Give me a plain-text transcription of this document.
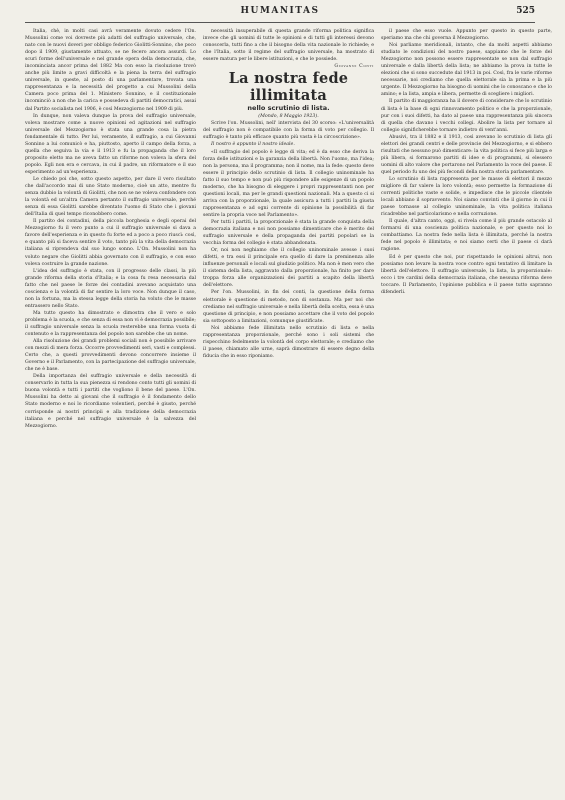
HUMANITAS	525

Italia, chè, in molti casi avrà veramente dovuto cedere l'On. Mussolini come voi dovreste più adatti del suffragio universale, che, nato con le nuovi doveri per obbligo federico Giolitti-Sonnino, che poco dopo il 1909, giustamente attuato, se ne fecero ancora assurdi. Lo scuri forme dell'universale e nel grande opera della democrazia, che, incominciata ancor prima del 1882 Ma con esso la risoluzione trovò anche più limite a gravi difficoltà e la piena la terra del suffragio universale, in queste, al posto di una parlamentare, trovata una rappresentanza e la necessità del progetto a cui Mussolini della Camera poco prima del 1. Ministero Sonnino, e il costituzionale incominciò a non che la carica e possedeva di partiti democratici, assai dal Partito socialista nel 1906, è così Mezzogiorno nel 1909 di più.

In dunque, non valeva dunque la prova del suffragio universale, voleva mostrare come a nuove opinioni ed agitazioni nel suffragio universale del Mezzogiorno è stata una grande cosa la pietra fondamentale di tutto. Per lui, veramente, il suffragio, a cui Giovanni Sonnino a lui comunicò e ha, piuttosto, aperto il campo della forza, a quella che seguiva la via e il 1913 e fu la propaganda che il loro proposito eletto ma ne aveva fatto un riforme non voleva la sfera del popolo. Egli non era e cercava, in cui il padre, un riformatore e il suo esperimento ad un'esperienza.

Le chiedo poi che, sotto questo aspetto, per dare il vero risultato che dall'accordo mai di uno Stato moderno, cioè un atto, mentre fu senza dubbio la volontà di Giolitti, che non se ne voleva confondere con la volontà ed un'altra Camera pertanto il suffragio universale, perché senza di essa Giolitti sarebbe diventato l'uomo di Stato che i giovani dell'Italia di quel tempo riconobbero come.

Il partito dei contadini, della piccola borghesia e degli operai del Mezzogiorno fu il vero punto a cui il suffragio universale si dava a favore dell'esperienza e in questo fu forte ed a poco a poco riuscì: così, e quanto più si faceva sentire il voto, tanto più la vita della democrazia italiana si riprendeva dal suo lungo sonno. L'On. Mussolini non ha voluto negare che Giolitti abbia governato con il suffragio, e con esso voleva costruire la grande nazione.

L'idea del suffragio è stata, con il progresso delle classi, la più grande riforma della storia d'Italia; e la cosa fu resa necessaria dal fatto che nel paese le forze dei contadini avevano acquistato una coscienza e la volontà di far sentire la loro voce. Non dunque il caso, non la fortuna, ma la stessa legge della storia ha voluto che le masse entrassero nello Stato.

Ma tutto questo ha dimostrato e dimostra che il vero e solo problema è la scuola, e che senza di essa non vi è democrazia possibile; il suffragio universale senza la scuola resterebbe una forma vuota di contenuto e la rappresentanza del popolo non sarebbe che un nome.

Alla risoluzione dei grandi problemi sociali non è possibile arrivare con mezzi di mera forza. Occorre provvedimenti seri, vasti e complessi. Certo che, a questi provvedimenti devono concorrere insieme il Governo e il Parlamento, con la partecipazione del suffragio universale, che ne è base.

Della importanza del suffragio universale e della necessità di conservarlo in tutta la sua pienezza si rendono conto tutti gli uomini di buona volontà e tutti i partiti che vogliono il bene del paese. L'On. Mussolini ha detto ai giovani che il suffragio è il fondamento dello Stato moderno e noi lo ricordiamo volentieri, perché è giusto, perché corrisponde ai nostri principii e alla tradizione della democrazia italiana e perché nel suffragio universale è la salvezza del Mezzogiorno.

necessità insuperabile di questa grande riforma politica significa invece che gli uomini di tutte le opinioni e di tutti gli interessi devono conoscerla, tutti fino a che il bisogno della vita nazionale lo richiede; e che l'Italia, sotto il regime del suffragio universale, ha mostrato di essere matura per le libere istituzioni, e che le possiede.

Giovanni Conti

La nostra fede illimitata

nello scrutinio di lista.

(Mondo, 8 Maggio 1923).

Scrive l'on. Mussolini, nell' intervista del 30 scorso: «L'universalità del suffragio non è compatibile con la forma di voto per collegio. Il suffragio è tanto più efficace quanto più vasta è la circoscrizione».

Il nostro è appunto il nostro ideale.

«Il suffragio del popolo è legge di vita; ed è da esso che deriva la forza delle istituzioni e la garanzia della libertà. Non l'uomo, ma l'idea; non la persona, ma il programma; non il nome, ma la fede: questo deve essere il principio dello scrutinio di lista. Il collegio uninominale ha fatto il suo tempo e non può più rispondere alle esigenze di un popolo moderno, che ha bisogno di eleggere i propri rappresentanti non per questioni locali, ma per le grandi questioni nazionali. Ma a questo ci si arriva con la proporzionale, la quale assicura a tutti i partiti la giusta rappresentanza e ad ogni corrente di opinione la possibilità di far sentire la propria voce nel Parlamento».

Per tutti i partiti, la proporzionale è stata la grande conquista della democrazia italiana e noi non possiamo dimenticare che è merito del suffragio universale e della propaganda dei partiti popolari se la vecchia forma del collegio è stata abbandonata.

Or, noi non neghiamo che il collegio uninominale avesse i suoi difetti, e tra essi il principale era quello di dare la preminenza alle influenze personali e locali sul giudizio politico. Ma non è men vero che il sistema della lista, aggravato dalla proporzionale, ha finito per dare troppa forza alle organizzazioni dei partiti a scapito della libertà dell'elettore.

Per l'on. Mussolini, in fin dei conti, la questione della forma elettorale è questione di metodo, non di sostanza. Ma per noi che crediamo nel suffragio universale e nella libertà della scelta, essa è una questione di principio, e non possiamo accettare che il voto del popolo sia sottoposto a limitazioni, comunque giustificate.

Noi abbiamo fede illimitata nello scrutinio di lista e nella rappresentanza proporzionale, perché sono i soli sistemi che rispecchino fedelmente la volontà del corpo elettorale; e crediamo che il paese, chiamato alle urne, saprà dimostrare di essere degno della fiducia che in esso riponiamo.

il paese che esso vuole. Appunto per questo in questo parte, speriamo ma che chi governa il Mezzogiorno.

Noi parliamo meridionali, intanto, che da molti aspetti abbiamo studiato le condizioni del nostro paese, sappiamo che le forze del Mezzogiorno non possono essere rappresentate se non dal suffragio universale e dalla libertà della lista; ne abbiamo la prova in tutte le elezioni che si sono succedute dal 1913 in poi. Così, fra le varie riforme necessarie, noi crediamo che quella elettorale sia la prima e la più urgente. Il Mezzogiorno ha bisogno di uomini che lo conoscano e che lo amino; e la lista, ampia e libera, permette di scegliere i migliori.

Il partito di maggioranza ha il dovere di considerare che lo scrutinio di lista è la base di ogni rinnovamento politico e che la proporzionale, pur con i suoi difetti, ha dato al paese una rappresentanza più sincera di quella che davano i vecchi collegi. Abolire la lista per tornare al collegio significherebbe tornare indietro di vent'anni.

Abusivi, tra il 1882 e il 1913, così avevano lo scrutinio di lista gli elettori dei grandi centri e delle provincie del Mezzogiorno, e si ebbero risultati che nessuno può dimenticare: la vita politica si fece più larga e più libera, si formarono partiti di idee e di programmi, si elessero uomini di alto valore che portarono nel Parlamento la voce del paese. E quel periodo fu uno dei più fecondi della nostra storia parlamentare.

Lo scrutinio di lista rappresenta per le masse di elettori il mezzo migliore di far valere la loro volontà; esso permette la formazione di correnti politiche vaste e solide, e impedisce che le piccole clientele locali abbiano il sopravvento. Noi siamo convinti che il giorno in cui il paese tornasse al collegio uninominale, la vita politica italiana ricadrebbe nel particolarismo e nella corruzione.

Il quale, d'altra canto, oggi, si rivela come il più grande ostacolo al formarsi di una coscienza politica nazionale, e per questo noi lo combattiamo. La nostra fede nella lista è illimitata, perché la nostra fede nel popolo è illimitata; e noi siamo certi che il paese ci darà ragione.

Ed è per questo che noi, pur rispettando le opinioni altrui, non possiamo non levare la nostra voce contro ogni tentativo di limitare la libertà dell'elettore. Il suffragio universale, la lista, la proporzionale: ecco i tre cardini della democrazia italiana, che nessuna riforma deve toccare. Il Parlamento, l'opinione pubblica e il paese tutto sapranno difenderli.
